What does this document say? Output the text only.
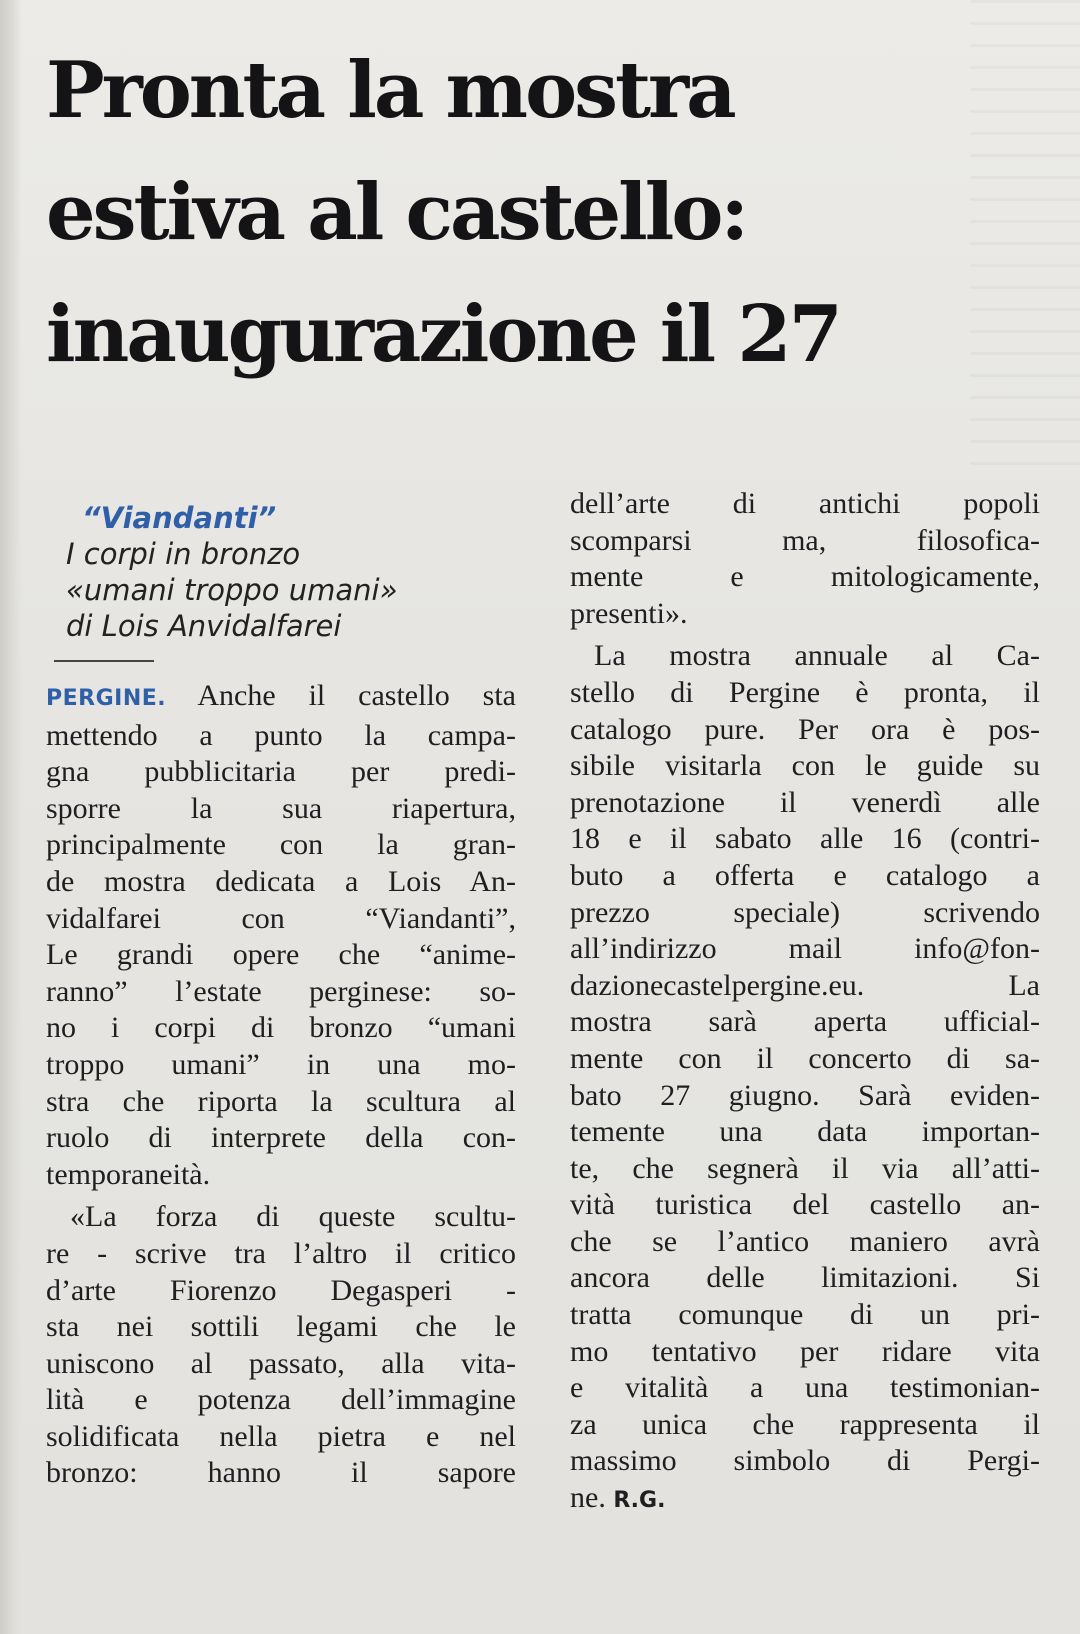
Pronta la mostra
estiva al castello:
inaugurazione il 27
“Viandanti”
I corpi in bronzo
«umani troppo umani»
di Lois Anvidalfarei

PERGINE. Anche il castello sta
mettendo a punto la campa-
gna pubblicitaria per predi-
sporre la sua riapertura,
principalmente con la gran-
de mostra dedicata a Lois An-
vidalfarei con “Viandanti”,
Le grandi opere che “anime-
ranno” l’estate perginese: so-
no i corpi di bronzo “umani
troppo umani” in una mo-
stra che riporta la scultura al
ruolo di interprete della con-
temporaneità.

«La forza di queste scultu-
re - scrive tra l’altro il critico
d’arte Fiorenzo Degasperi -
sta nei sottili legami che le
uniscono al passato, alla vita-
lità e potenza dell’immagine
solidificata nella pietra e nel
bronzo: hanno il sapore

dell’arte di antichi popoli
scomparsi ma, filosofica-
mente e mitologicamente,
presenti».

La mostra annuale al Ca-
stello di Pergine è pronta, il
catalogo pure. Per ora è pos-
sibile visitarla con le guide su
prenotazione il venerdì alle
18 e il sabato alle 16 (contri-
buto a offerta e catalogo a
prezzo speciale) scrivendo
all’indirizzo mail info@fon-
dazionecastelpergine.eu. La
mostra sarà aperta ufficial-
mente con il concerto di sa-
bato 27 giugno. Sarà eviden-
temente una data importan-
te, che segnerà il via all’atti-
vità turistica del castello an-
che se l’antico maniero avrà
ancora delle limitazioni. Si
tratta comunque di un pri-
mo tentativo per ridare vita
e vitalità a una testimonian-
za unica che rappresenta il
massimo simbolo di Pergi-
ne. R.G.
